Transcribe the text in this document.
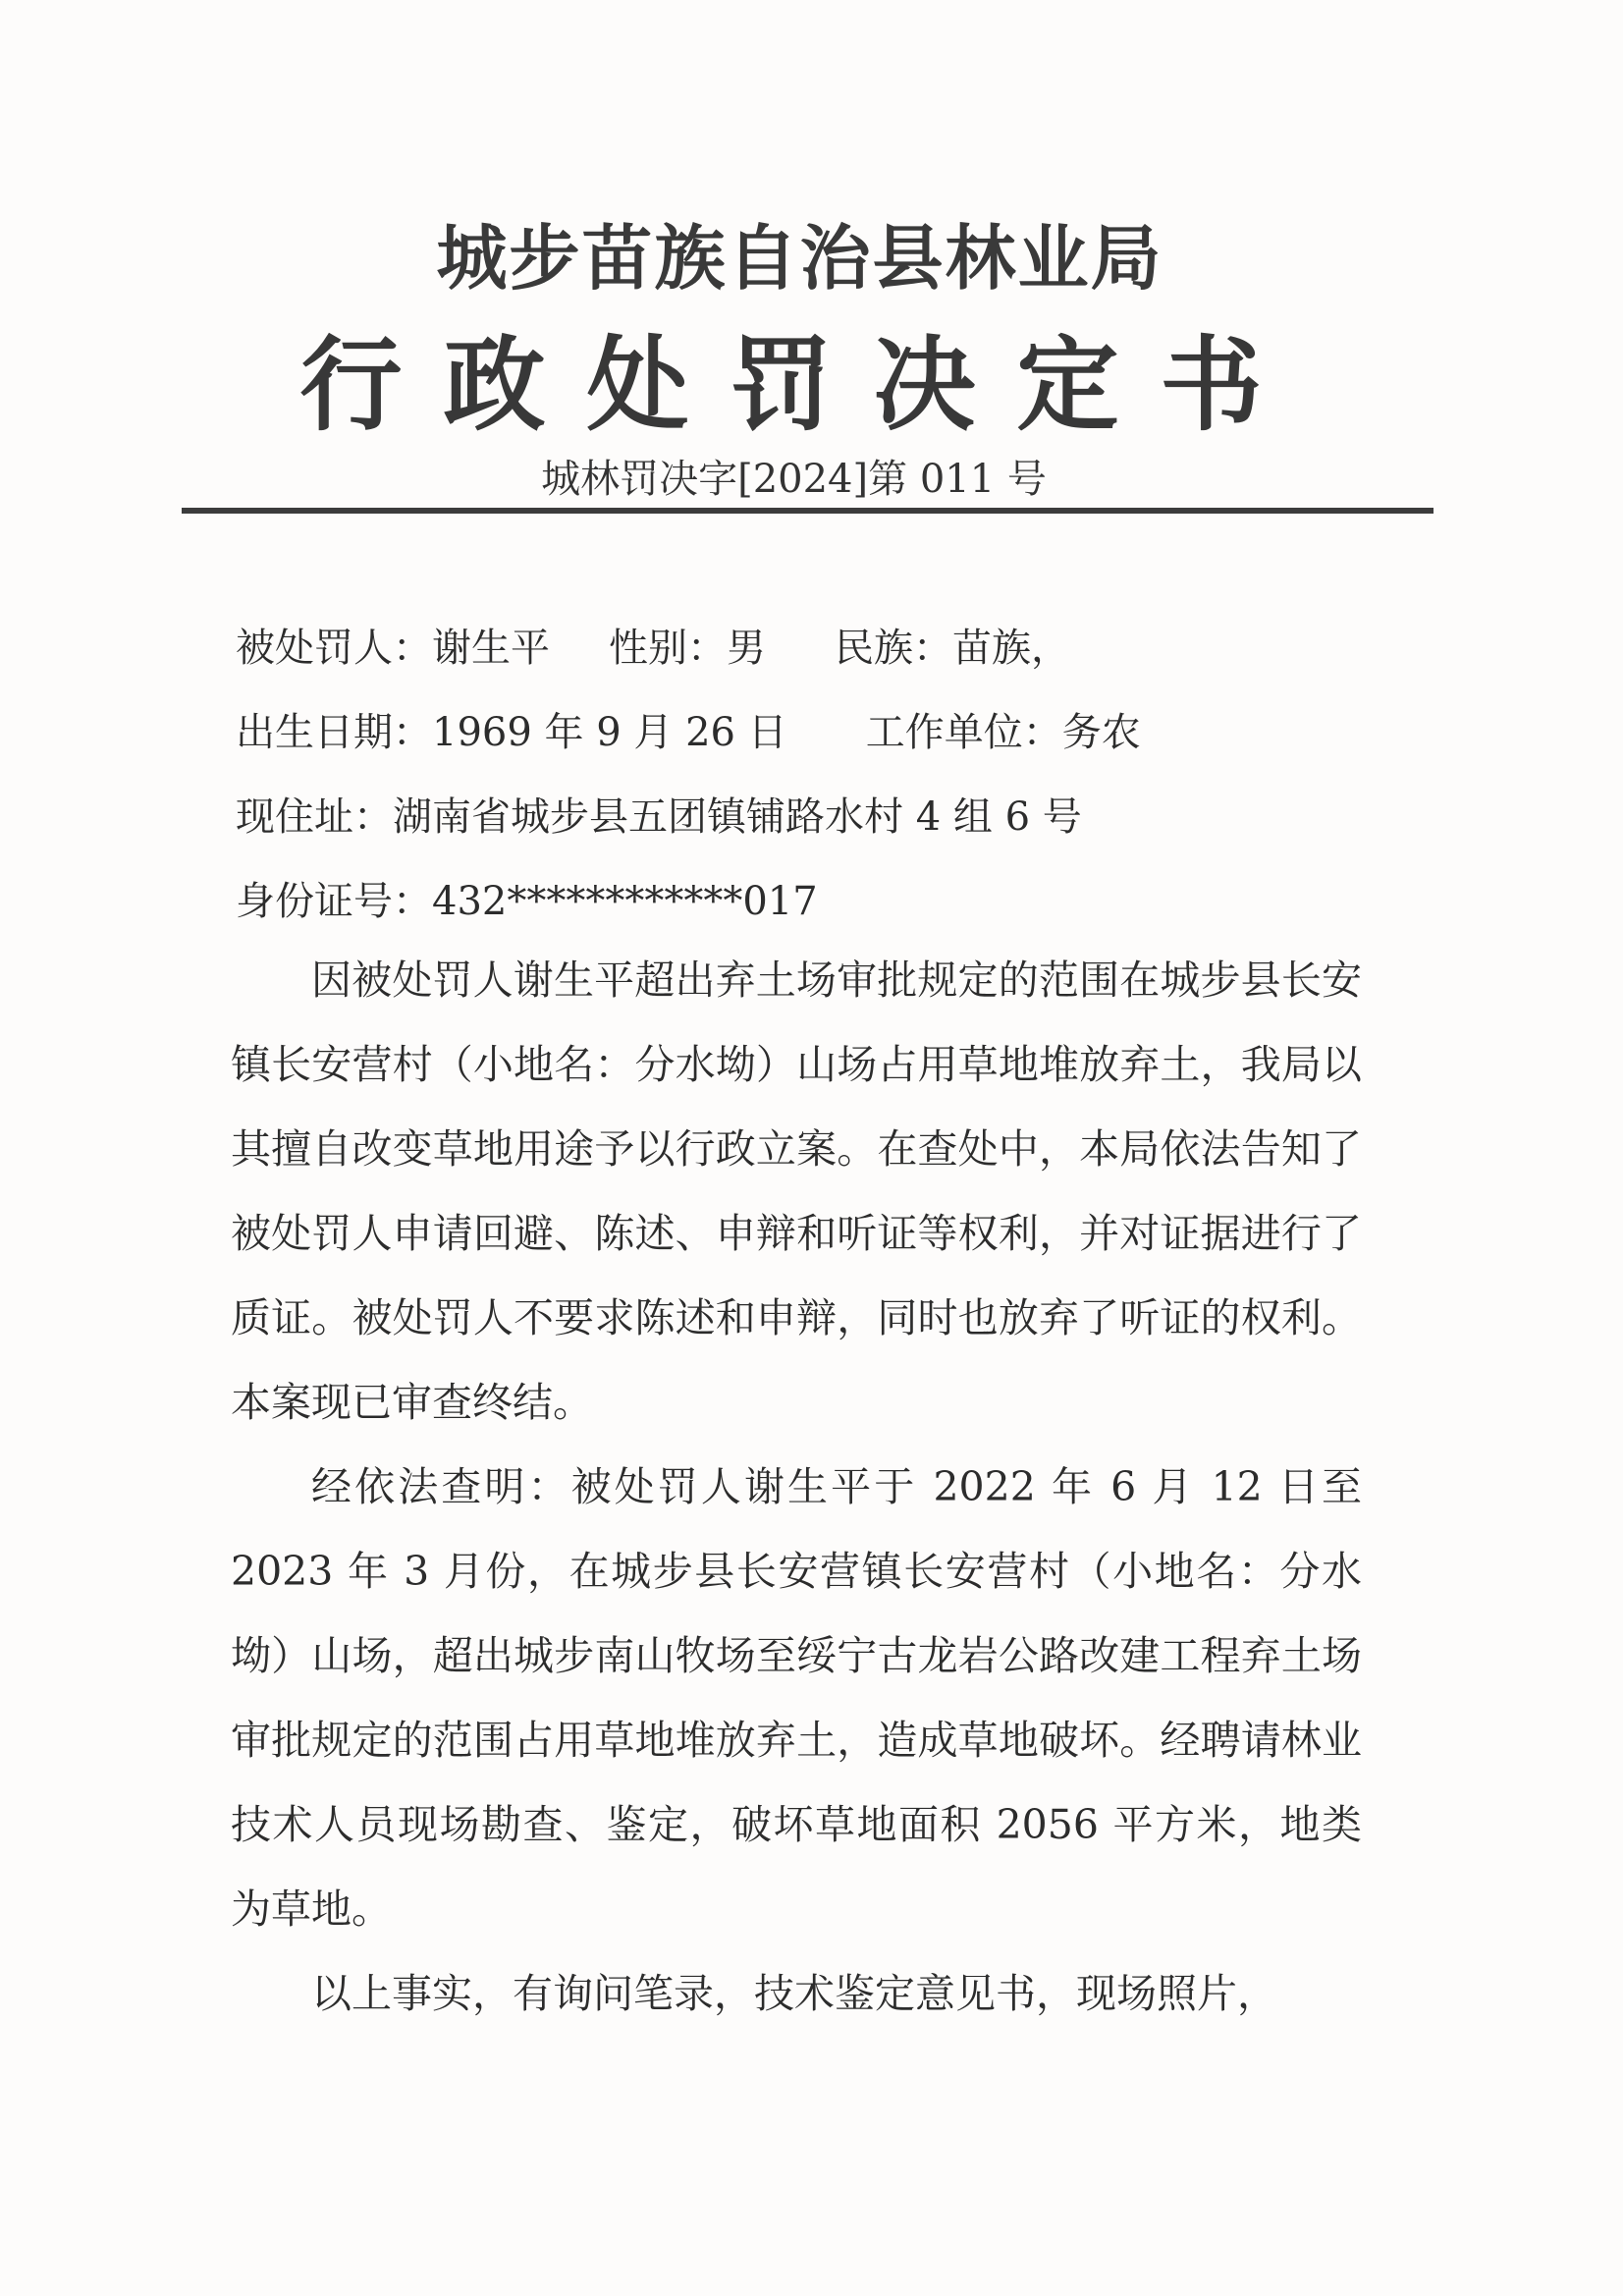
城步苗族自治县林业局
行政处罚决定书
城林罚决字[2024]第 011 号
被处罚人：谢生平 性别：男 民族：苗族，
出生日期：1969 年 9 月 26 日 工作单位：务农
现住址：湖南省城步县五团镇铺路水村 4 组 6 号
身份证号：432************017

因被处罚人谢生平超出弃土场审批规定的范围在城步县长安镇长安营村（小地名：分水坳）山场占用草地堆放弃土，我局以其擅自改变草地用途予以行政立案。在查处中，本局依法告知了被处罚人申请回避、陈述、申辩和听证等权利，并对证据进行了质证。被处罚人不要求陈述和申辩，同时也放弃了听证的权利。本案现已审查终结。

经依法查明：被处罚人谢生平于 2022 年 6 月 12 日至 2023 年 3 月份，在城步县长安营镇长安营村（小地名：分水坳）山场，超出城步南山牧场至绥宁古龙岩公路改建工程弃土场审批规定的范围占用草地堆放弃土，造成草地破坏。经聘请林业技术人员现场勘查、鉴定，破坏草地面积 2056 平方米，地类为草地。

以上事实，有询问笔录，技术鉴定意见书，现场照片，
